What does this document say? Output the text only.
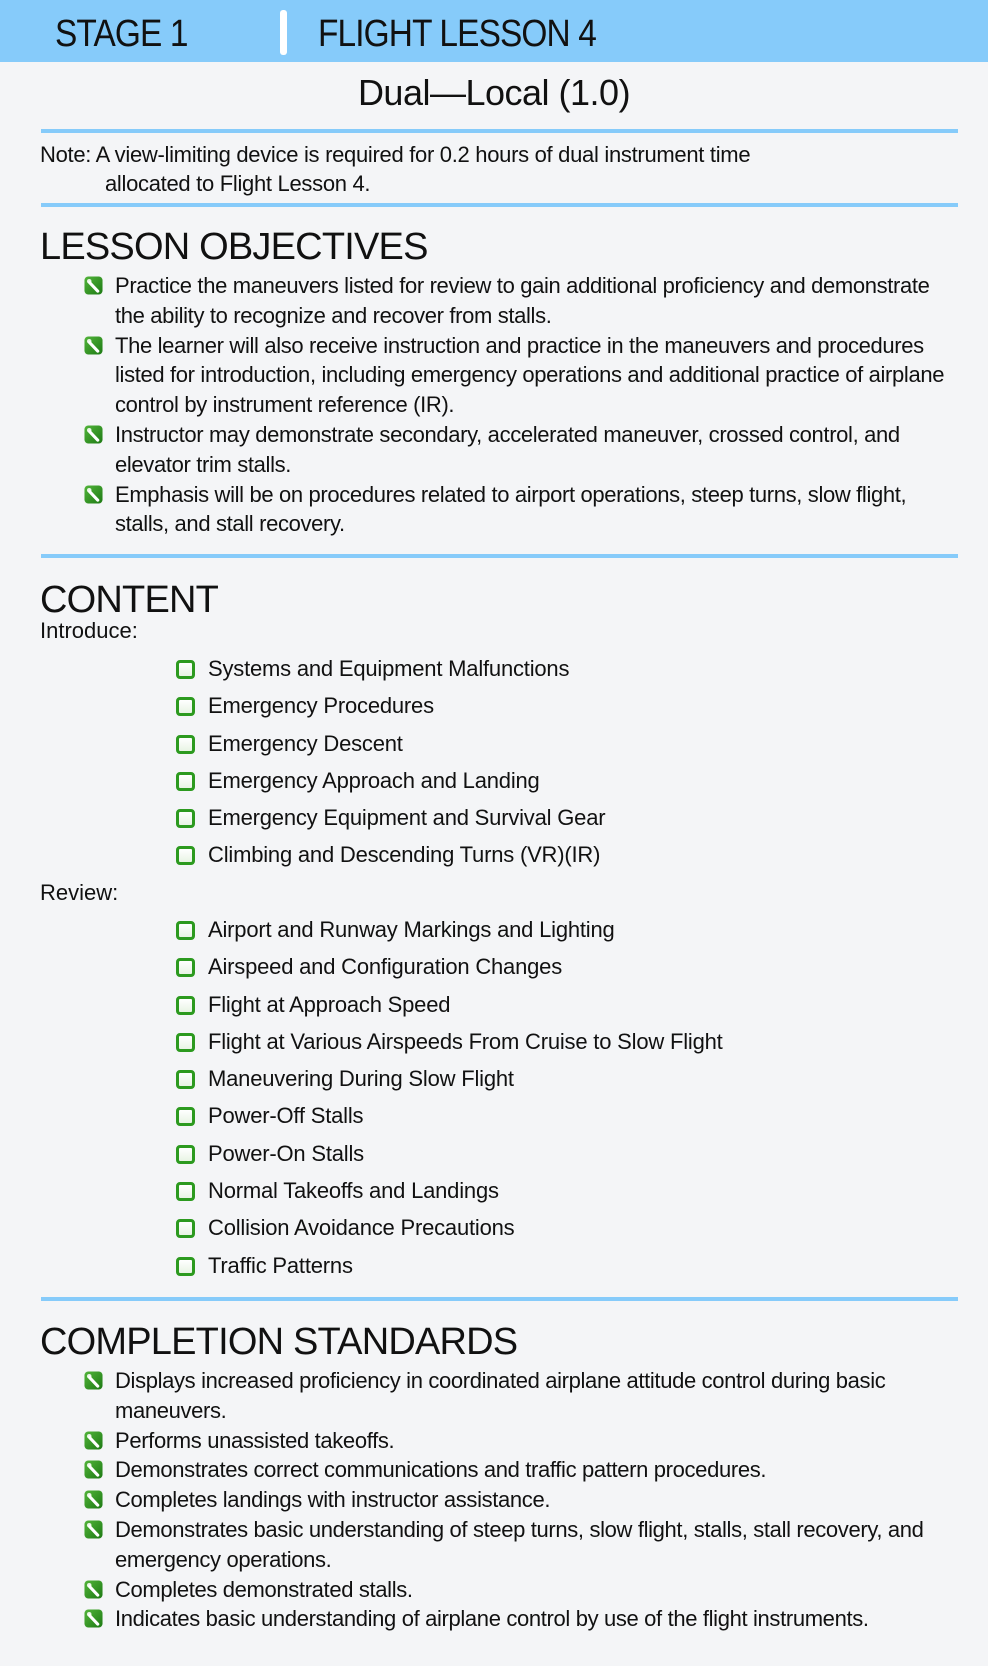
STAGE 1	FLIGHT LESSON 4
Dual—Local (1.0)
Note: A view-limiting device is required for 0.2 hours of dual instrument time
allocated to Flight Lesson 4.
LESSON OBJECTIVES
Practice the maneuvers listed for review to gain additional proficiency and demonstrate the ability to recognize and recover from stalls.
The learner will also receive instruction and practice in the maneuvers and procedures listed for introduction, including emergency operations and additional practice of airplane control by instrument reference (IR).
Instructor may demonstrate secondary, accelerated maneuver, crossed control, and elevator trim stalls.
Emphasis will be on procedures related to airport operations, steep turns, slow flight, stalls, and stall recovery.
CONTENT
Introduce:
Systems and Equipment Malfunctions
Emergency Procedures
Emergency Descent
Emergency Approach and Landing
Emergency Equipment and Survival Gear
Climbing and Descending Turns (VR)(IR)
Review:
Airport and Runway Markings and Lighting
Airspeed and Configuration Changes
Flight at Approach Speed
Flight at Various Airspeeds From Cruise to Slow Flight
Maneuvering During Slow Flight
Power-Off Stalls
Power-On Stalls
Normal Takeoffs and Landings
Collision Avoidance Precautions
Traffic Patterns
COMPLETION STANDARDS
Displays increased proficiency in coordinated airplane attitude control during basic maneuvers.
Performs unassisted takeoffs.
Demonstrates correct communications and traffic pattern procedures.
Completes landings with instructor assistance.
Demonstrates basic understanding of steep turns, slow flight, stalls, stall recovery, and emergency operations.
Completes demonstrated stalls.
Indicates basic understanding of airplane control by use of the flight instruments.
